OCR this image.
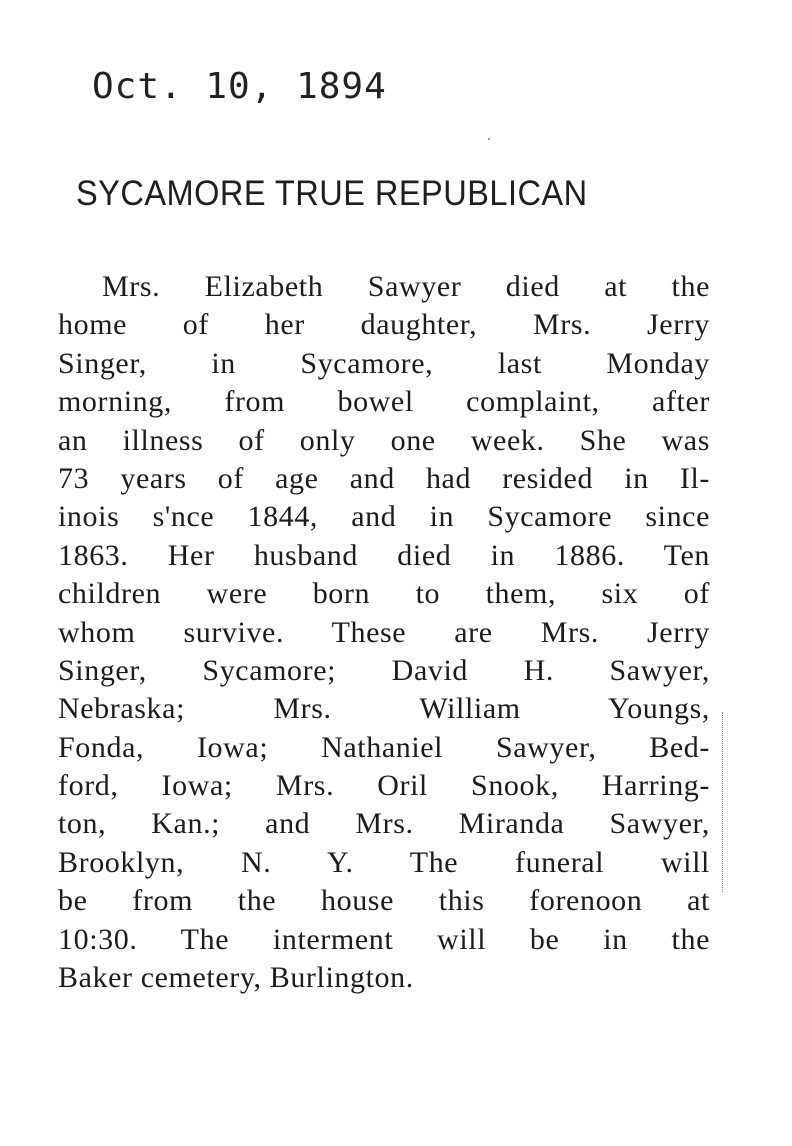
Oct. 10, 1894
SYCAMORE TRUE REPUBLICAN
Mrs. Elizabeth Sawyer died at the
home of her daughter, Mrs. Jerry
Singer, in Sycamore, last Monday
morning, from bowel complaint, after
an illness of only one week. She was
73 years of age and had resided in Il-
inois s'nce 1844, and in Sycamore since
1863. Her husband died in 1886. Ten
children were born to them, six of
whom survive. These are Mrs. Jerry
Singer, Sycamore; David H. Sawyer,
Nebraska; Mrs. William Youngs,
Fonda, Iowa; Nathaniel Sawyer, Bed-
ford, Iowa; Mrs. Oril Snook, Harring-
ton, Kan.; and Mrs. Miranda Sawyer,
Brooklyn, N. Y. The funeral will
be from the house this forenoon at
10:30. The interment will be in the
Baker cemetery, Burlington.
